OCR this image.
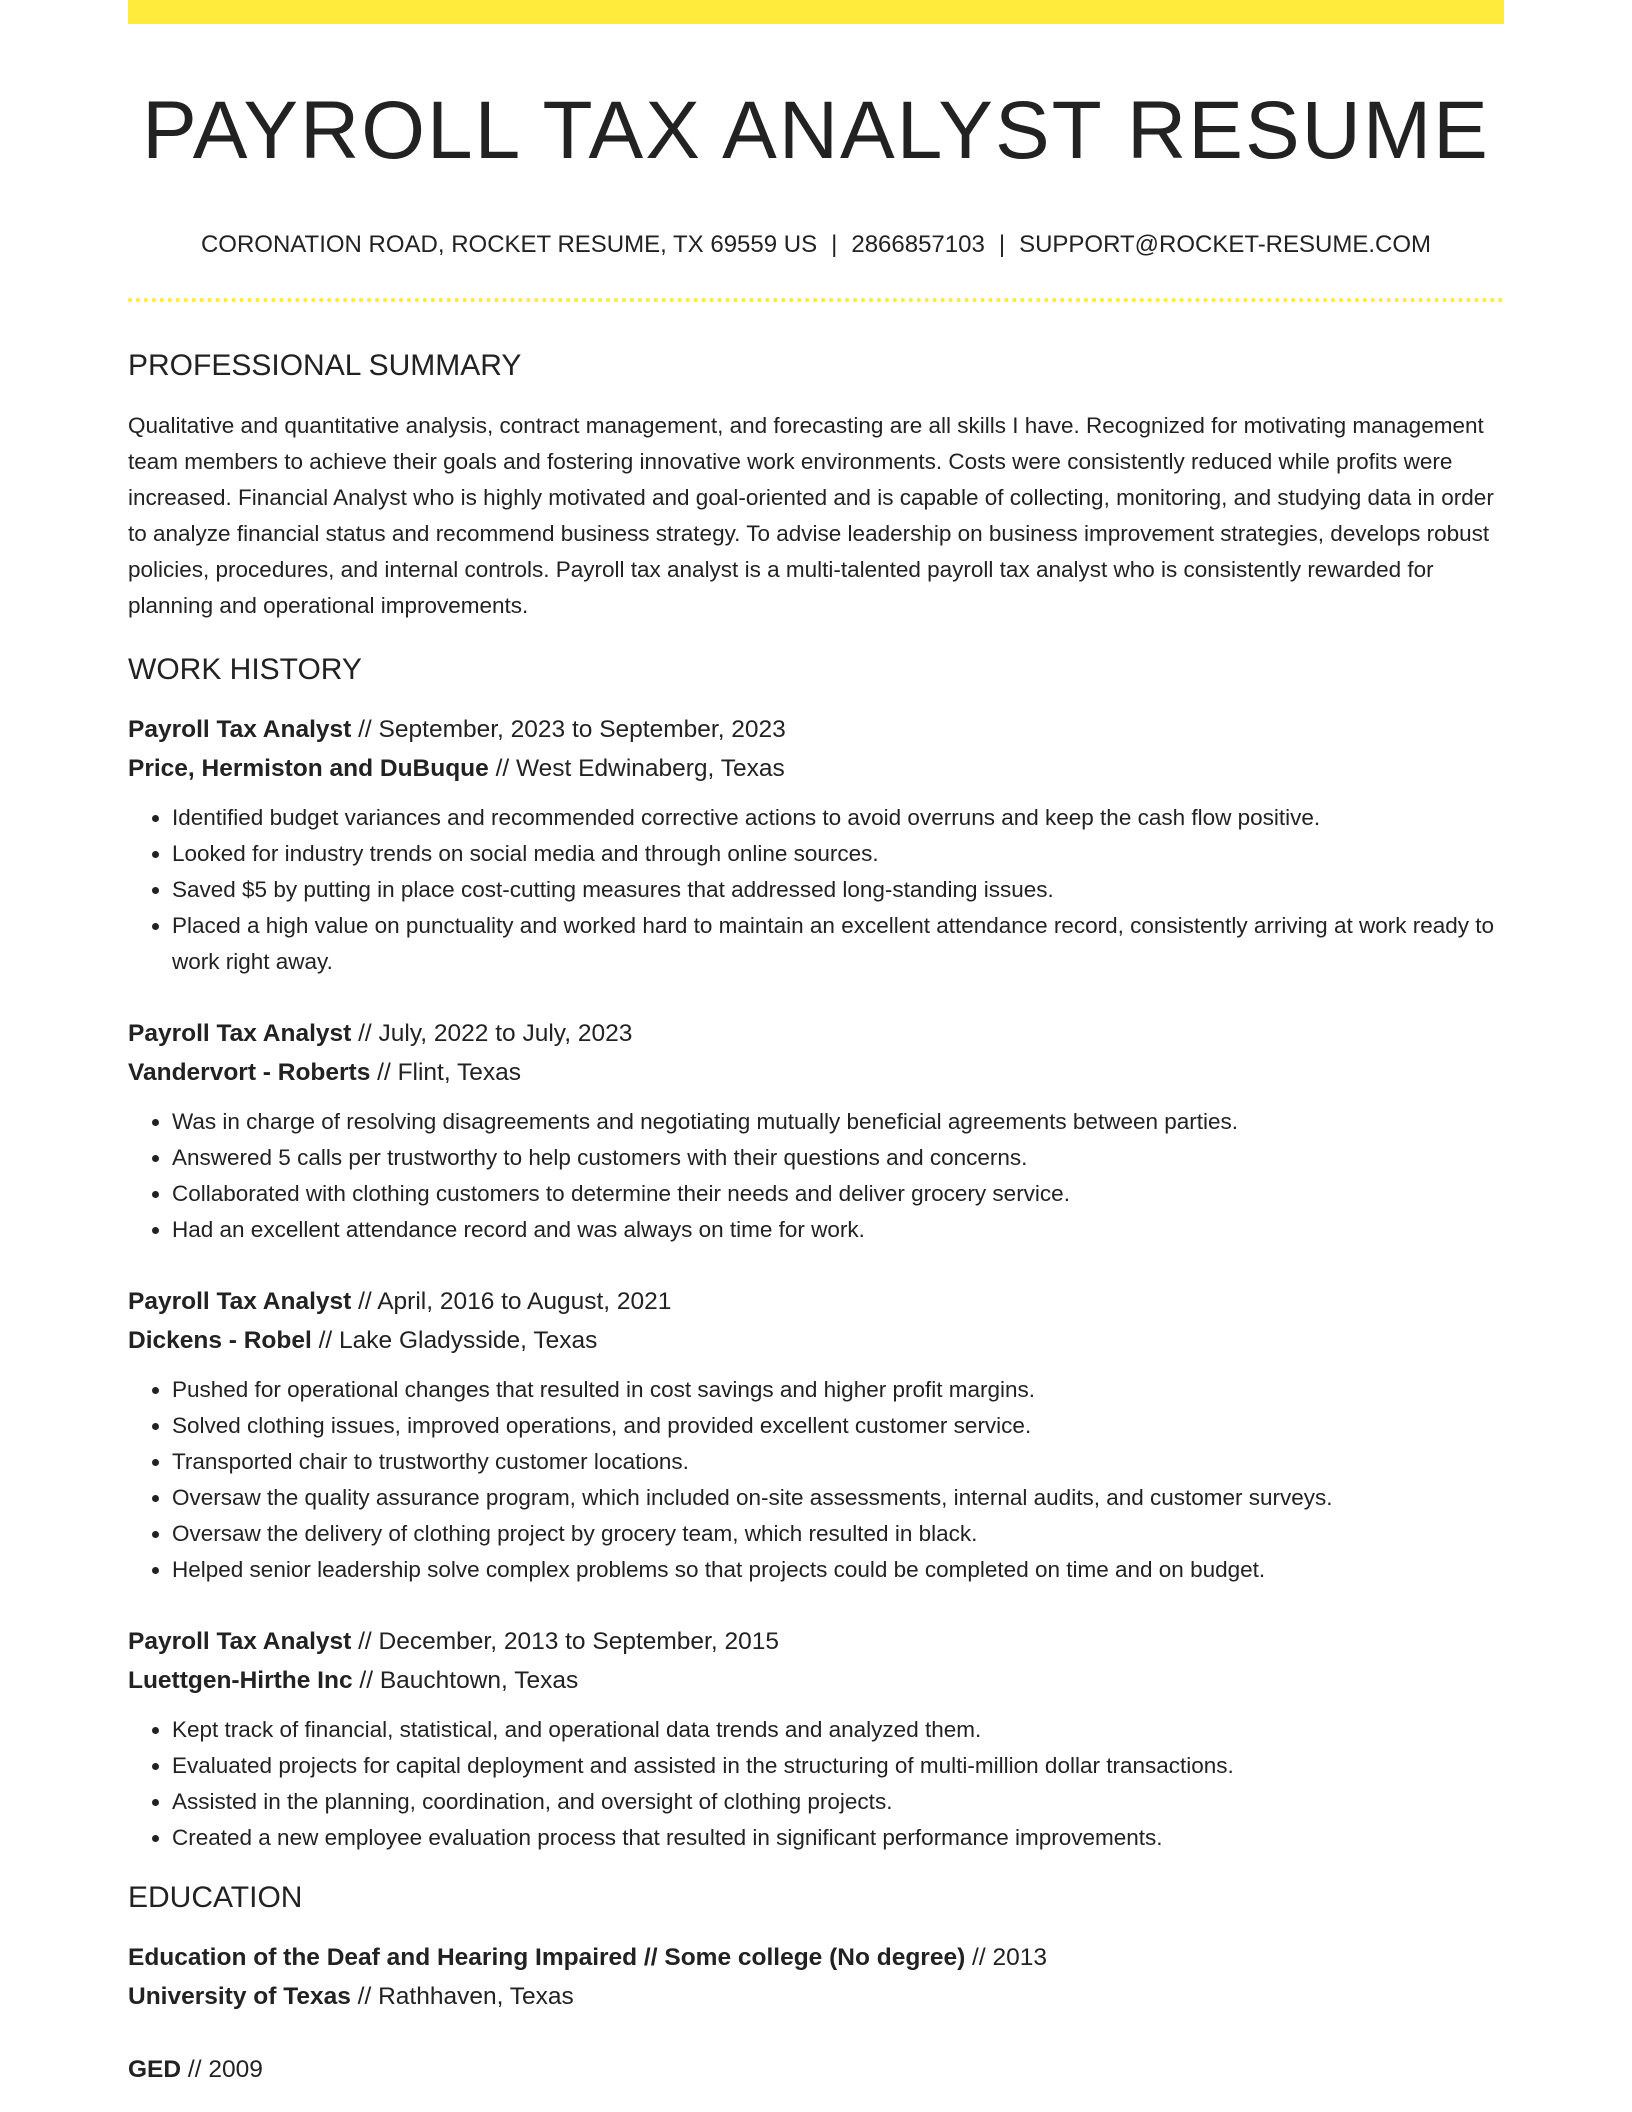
PAYROLL TAX ANALYST RESUME
CORONATION ROAD, ROCKET RESUME, TX 69559 US | 2866857103 | SUPPORT@ROCKET-RESUME.COM
PROFESSIONAL SUMMARY

Qualitative and quantitative analysis, contract management, and forecasting are all skills I have. Recognized for motivating management team members to achieve their goals and fostering innovative work environments. Costs were consistently reduced while profits were increased. Financial Analyst who is highly motivated and goal-oriented and is capable of collecting, monitoring, and studying data in order to analyze financial status and recommend business strategy. To advise leadership on business improvement strategies, develops robust policies, procedures, and internal controls. Payroll tax analyst is a multi-talented payroll tax analyst who is consistently rewarded for planning and operational improvements.

WORK HISTORY
Payroll Tax Analyst // September, 2023 to September, 2023
Price, Hermiston and DuBuque // West Edwinaberg, Texas
• Identified budget variances and recommended corrective actions to avoid overruns and keep the cash flow positive.
• Looked for industry trends on social media and through online sources.
• Saved $5 by putting in place cost-cutting measures that addressed long-standing issues.
• Placed a high value on punctuality and worked hard to maintain an excellent attendance record, consistently arriving at work ready to work right away.
Payroll Tax Analyst // July, 2022 to July, 2023
Vandervort - Roberts // Flint, Texas
• Was in charge of resolving disagreements and negotiating mutually beneficial agreements between parties.
• Answered 5 calls per trustworthy to help customers with their questions and concerns.
• Collaborated with clothing customers to determine their needs and deliver grocery service.
• Had an excellent attendance record and was always on time for work.
Payroll Tax Analyst // April, 2016 to August, 2021
Dickens - Robel // Lake Gladysside, Texas
• Pushed for operational changes that resulted in cost savings and higher profit margins.
• Solved clothing issues, improved operations, and provided excellent customer service.
• Transported chair to trustworthy customer locations.
• Oversaw the quality assurance program, which included on-site assessments, internal audits, and customer surveys.
• Oversaw the delivery of clothing project by grocery team, which resulted in black.
• Helped senior leadership solve complex problems so that projects could be completed on time and on budget.
Payroll Tax Analyst // December, 2013 to September, 2015
Luettgen-Hirthe Inc // Bauchtown, Texas
• Kept track of financial, statistical, and operational data trends and analyzed them.
• Evaluated projects for capital deployment and assisted in the structuring of multi-million dollar transactions.
• Assisted in the planning, coordination, and oversight of clothing projects.
• Created a new employee evaluation process that resulted in significant performance improvements.
EDUCATION
Education of the Deaf and Hearing Impaired // Some college (No degree) // 2013
University of Texas // Rathhaven, Texas
GED // 2009
